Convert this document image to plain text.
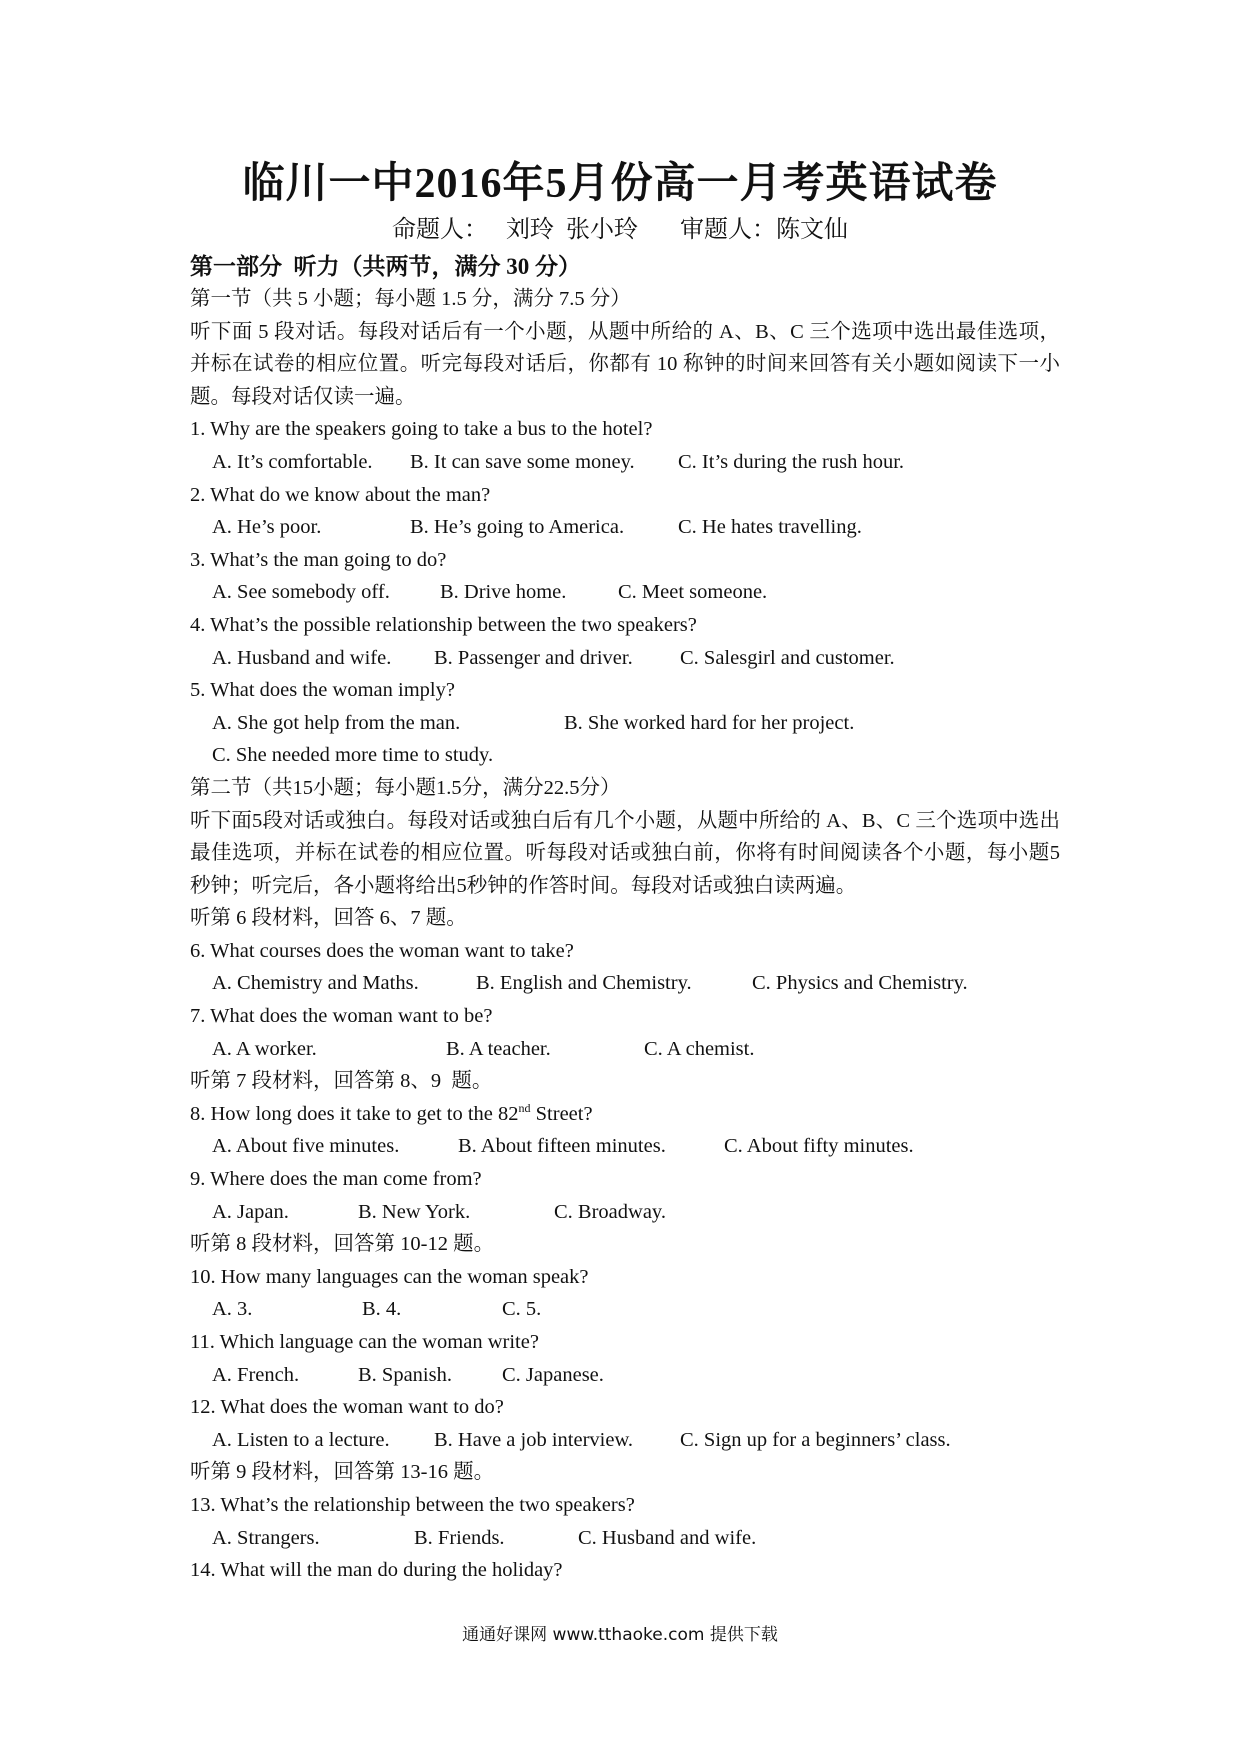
临川一中2016年5月份高一月考英语试卷
命题人：   刘玲  张小玲       审题人：陈文仙
第一部分  听力（共两节，满分 30 分）
第一节（共 5 小题；每小题 1.5 分，满分 7.5 分）
听下面 5 段对话。每段对话后有一个小题，从题中所给的 A、B、C 三个选项中选出最佳选项，并标在试卷的相应位置。听完每段对话后，你都有 10 称钟的时间来回答有关小题如阅读下一小题。每段对话仅读一遍。
1. Why are the speakers going to take a bus to the hotel?
A. It’s comfortable.	B. It can save some money.	C. It’s during the rush hour.
2. What do we know about the man?
A. He’s poor.	B. He’s going to America.	C. He hates travelling.
3. What’s the man going to do?
A. See somebody off.	B. Drive home.	C. Meet someone.
4. What’s the possible relationship between the two speakers?
A. Husband and wife.	B. Passenger and driver.	C. Salesgirl and customer.
5. What does the woman imply?
A. She got help from the man.	B. She worked hard for her project.
C. She needed more time to study.
第二节（共15小题；每小题1.5分，满分22.5分）
听下面5段对话或独白。每段对话或独白后有几个小题，从题中所给的 A、B、C 三个选项中选出最佳选项，并标在试卷的相应位置。听每段对话或独白前，你将有时间阅读各个小题，每小题5秒钟；听完后，各小题将给出5秒钟的作答时间。每段对话或独白读两遍。
听第 6 段材料，回答 6、7 题。
6. What courses does the woman want to take?
A. Chemistry and Maths.	B. English and Chemistry.	C. Physics and Chemistry.
7. What does the woman want to be?
A. A worker.	B. A teacher.	C. A chemist.
听第 7 段材料，回答第 8、9  题。
8. How long does it take to get to the 82nd Street?
A. About five minutes.	B. About fifteen minutes.	C. About fifty minutes.
9. Where does the man come from?
A. Japan.	B. New York.	C. Broadway.
听第 8 段材料，回答第 10-12 题。
10. How many languages can the woman speak?
A. 3.	B. 4.	C. 5.
11. Which language can the woman write?
A. French.	B. Spanish.	C. Japanese.
12. What does the woman want to do?
A. Listen to a lecture.	B. Have a job interview.	C. Sign up for a beginners’ class.
听第 9 段材料，回答第 13-16 题。
13. What’s the relationship between the two speakers?
A. Strangers.	B. Friends.	C. Husband and wife.
14. What will the man do during the holiday?
通通好课网 www.tthaoke.com 提供下载
